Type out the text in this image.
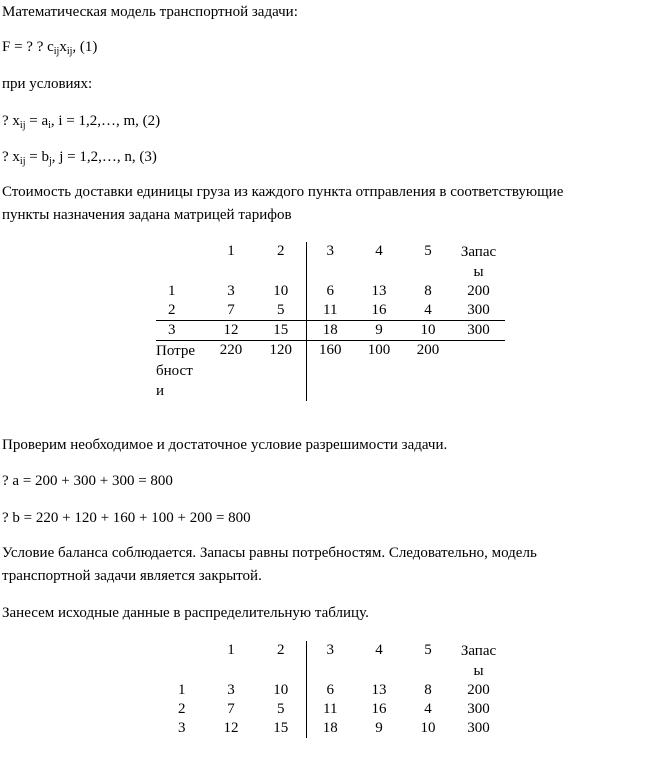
Математическая модель транспортной задачи:
F = ? ? $c_{ij}x_{ij}$, (1)
при условиях:
? $x_{ij} = a_i$, i = 1,2,…, m, (2)
? $x_{ij} = b_j$, j = 1,2,…, n, (3)
Стоимость доставки единицы груза из каждого пункта отправления в соответствующие
пункты назначения задана матрицей тарифов
	1	2	3	4	5	Запас
ы

1	3	10	6	13	8	200
2	7	5	11	16	4	300
3	12	15	18	9	10	300

Потре
бност
и	220	120	160	100	200	
Проверим необходимое и достаточное условие разрешимости задачи.
? a = 200 + 300 + 300 = 800
? b = 220 + 120 + 160 + 100 + 200 = 800
Условие баланса соблюдается. Запасы равны потребностям. Следовательно, модель
транспортной задачи является закрытой.
Занесем исходные данные в распределительную таблицу.
	1	2	3	4	5	Запас
ы

1	3	10	6	13	8	200
2	7	5	11	16	4	300
3	12	15	18	9	10	300
